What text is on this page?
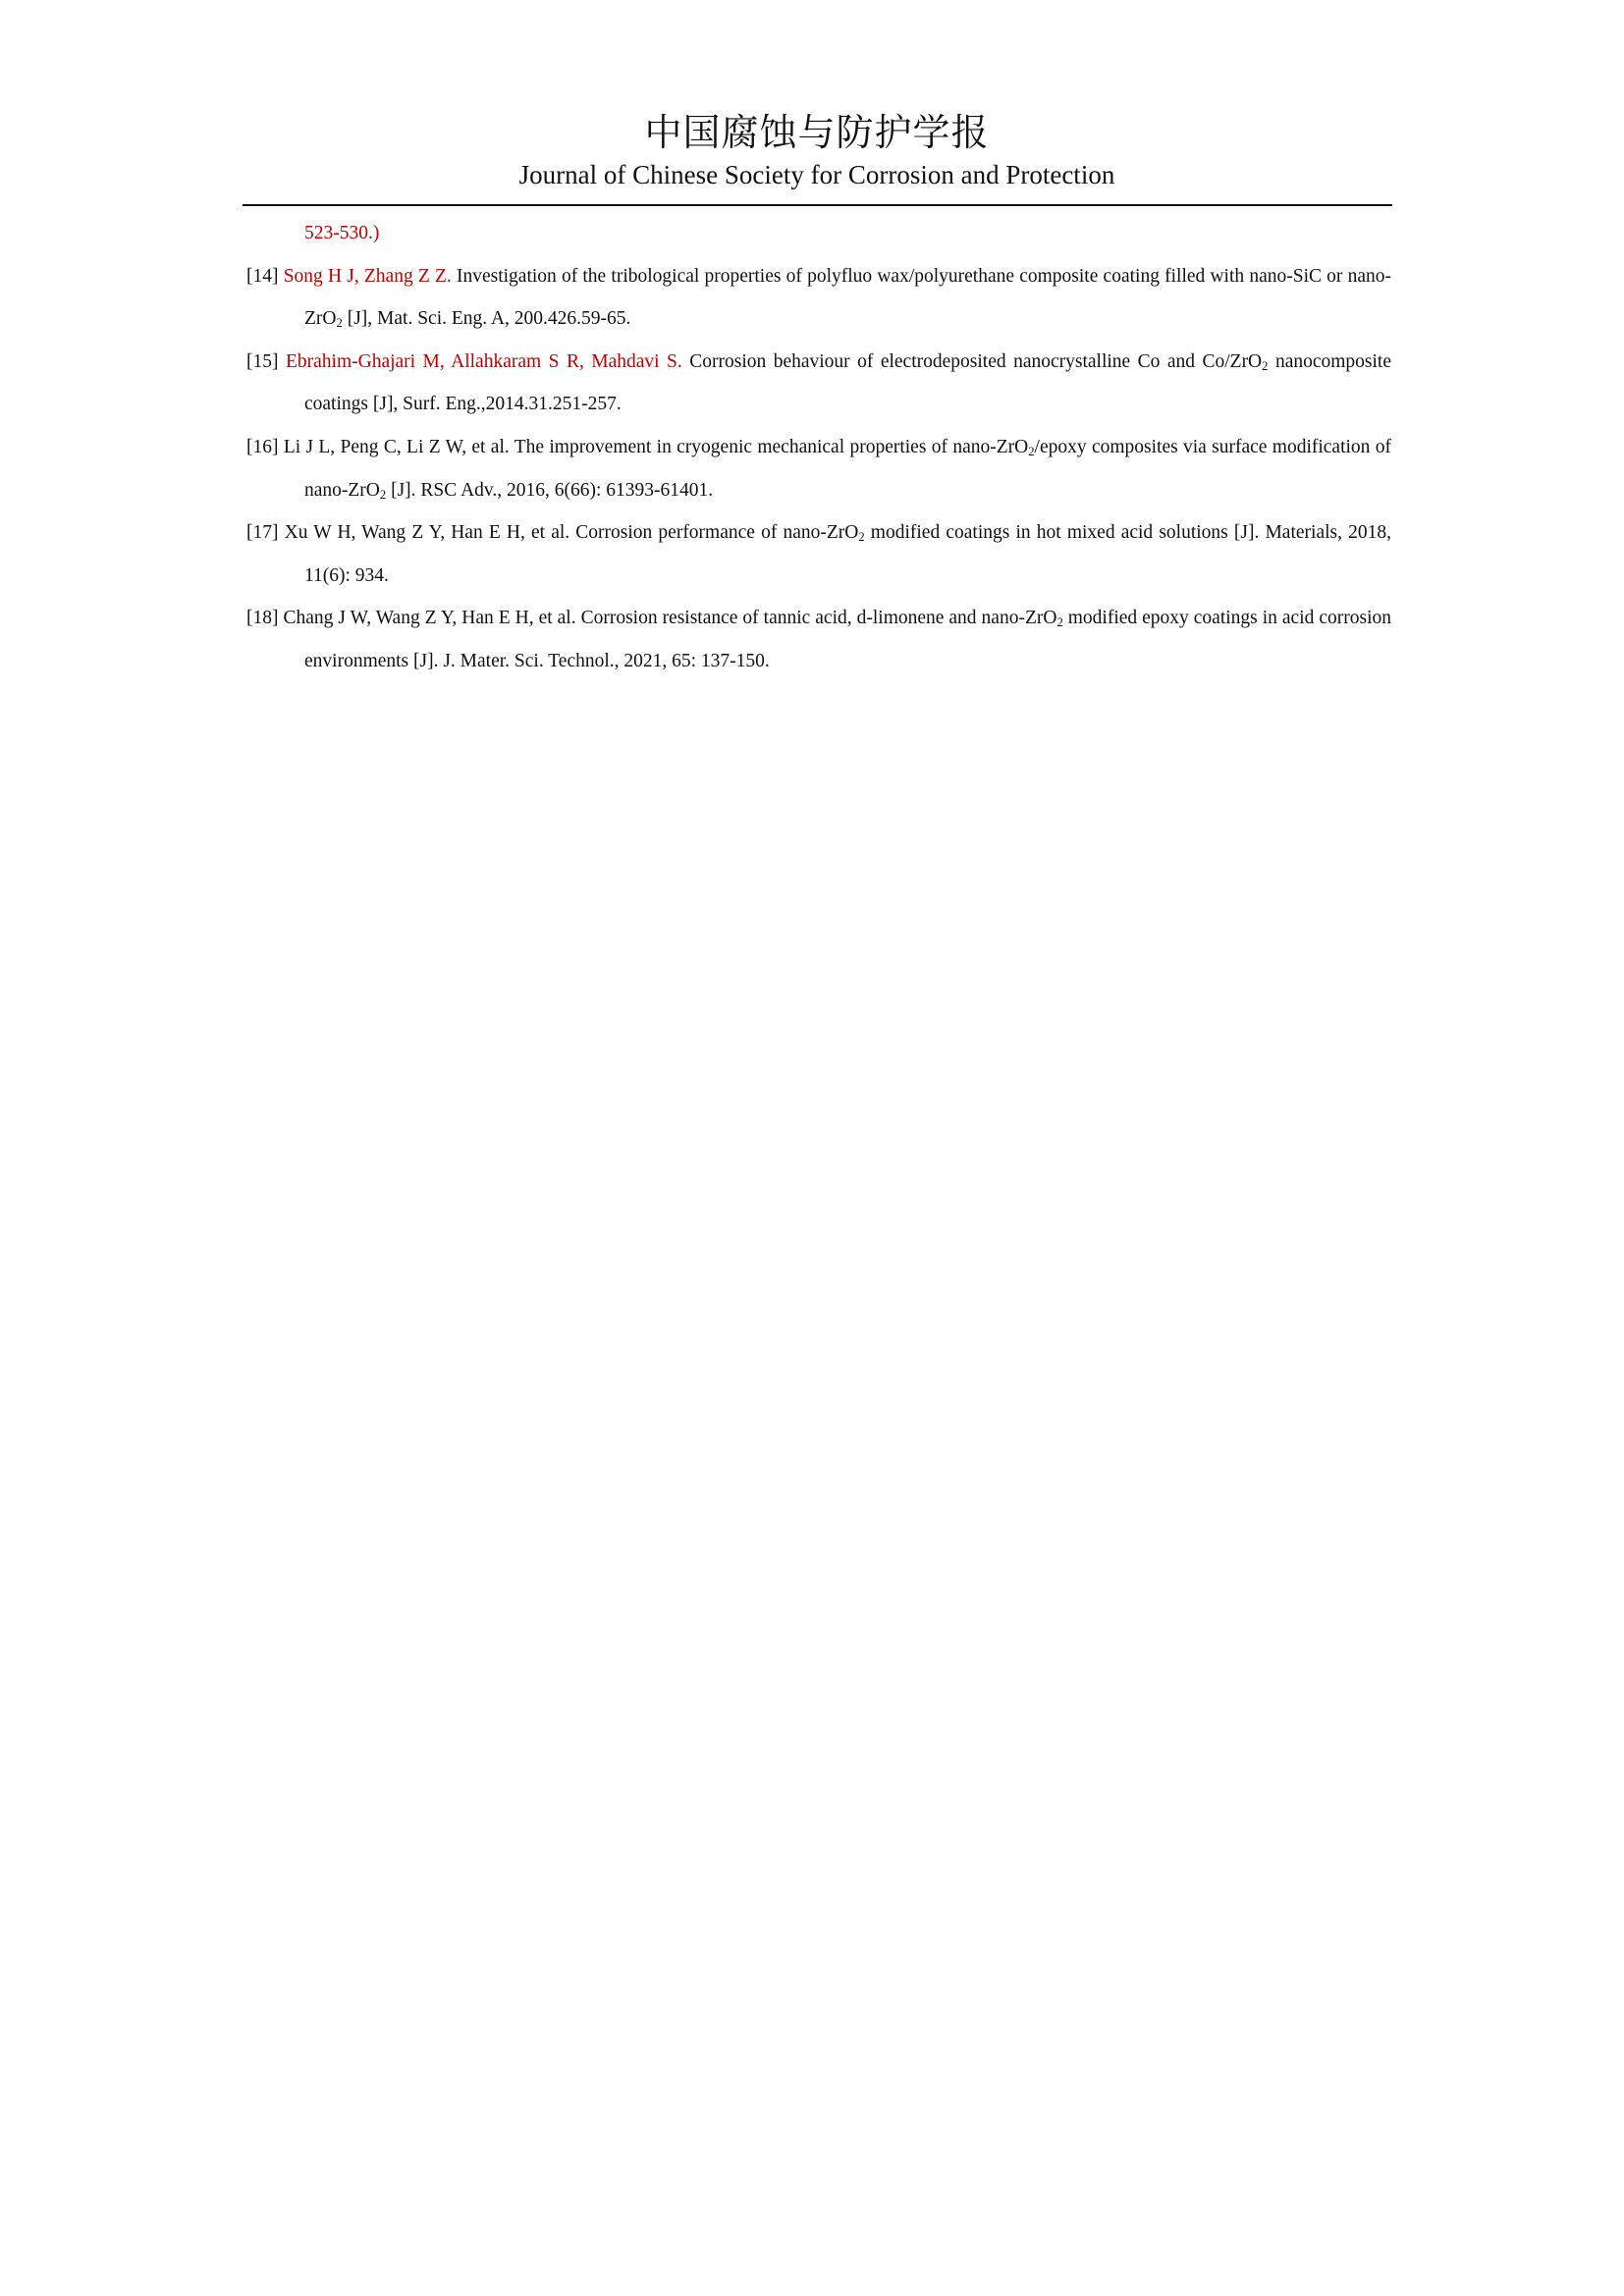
中国腐蚀与防护学报
Journal of Chinese Society for Corrosion and Protection
523-530.)
[14] Song H J, Zhang Z Z. Investigation of the tribological properties of polyfluo wax/polyurethane composite coating filled with nano-SiC or nano-ZrO$_2$ [J], Mat. Sci. Eng. A, 200.426.59-65.
[15] Ebrahim-Ghajari M, Allahkaram S R, Mahdavi S. Corrosion behaviour of electrodeposited nanocrystalline Co and Co/ZrO$_2$ nanocomposite coatings [J], Surf. Eng.,2014.31.251-257.
[16] Li J L, Peng C, Li Z W, et al. The improvement in cryogenic mechanical properties of nano-ZrO$_2$/epoxy composites via surface modification of nano-ZrO$_2$ [J]. RSC Adv., 2016, 6(66): 61393-61401.
[17] Xu W H, Wang Z Y, Han E H, et al. Corrosion performance of nano-ZrO$_2$ modified coatings in hot mixed acid solutions [J]. Materials, 2018, 11(6): 934.
[18] Chang J W, Wang Z Y, Han E H, et al. Corrosion resistance of tannic acid, d-limonene and nano-ZrO$_2$ modified epoxy coatings in acid corrosion environments [J]. J. Mater. Sci. Technol., 2021, 65: 137-150.
